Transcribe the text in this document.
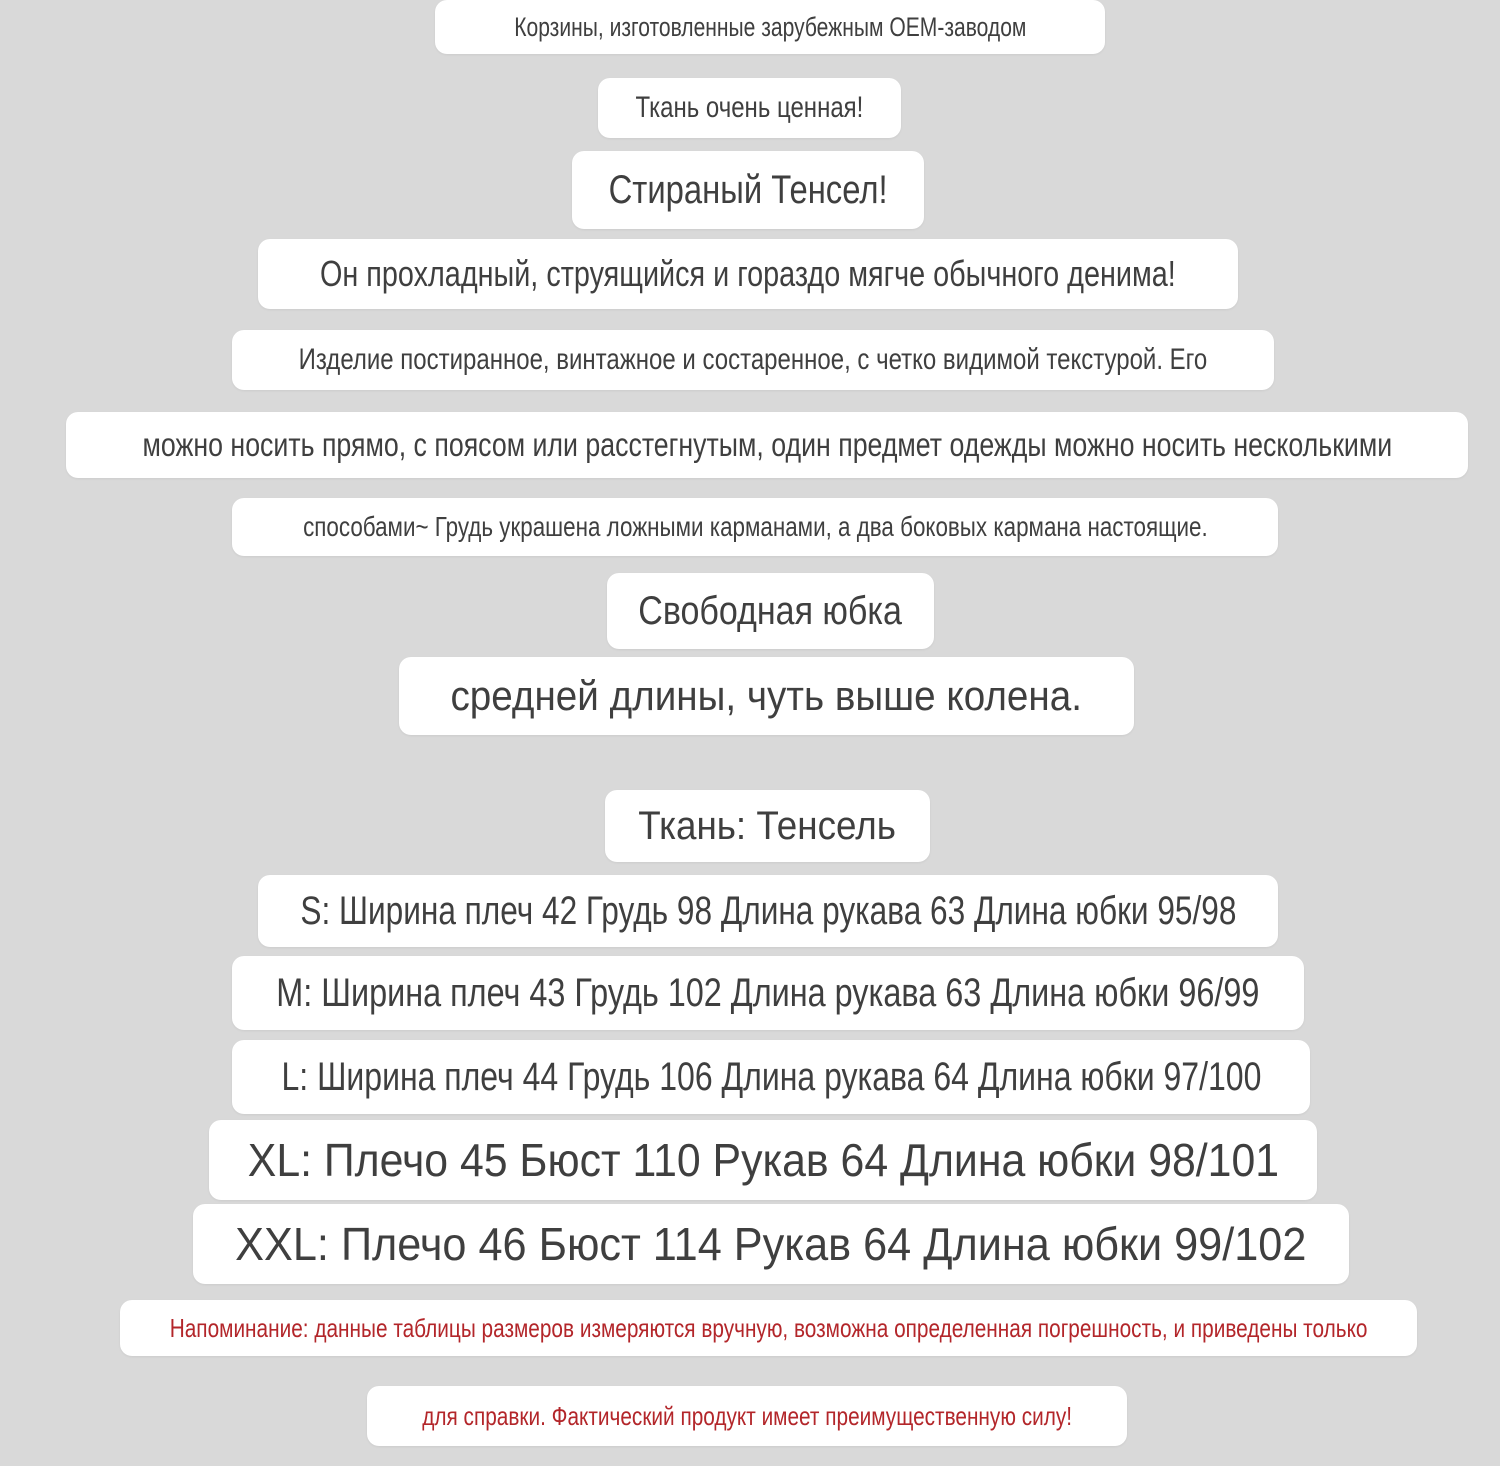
Корзины, изготовленные зарубежным OEM-заводом
Ткань очень ценная!
Стираный Тенсел!
Он прохладный, струящийся и гораздо мягче обычного денима!
Изделие постиранное, винтажное и состаренное, с четко видимой текстурой. Его
можно носить прямо, с поясом или расстегнутым, один предмет одежды можно носить несколькими
способами~ Грудь украшена ложными карманами, а два боковых кармана настоящие.
Свободная юбка
средней длины, чуть выше колена.
Ткань: Тенсель
S: Ширина плеч 42 Грудь 98 Длина рукава 63 Длина юбки 95/98
M: Ширина плеч 43 Грудь 102 Длина рукава 63 Длина юбки 96/99
L: Ширина плеч 44 Грудь 106 Длина рукава 64 Длина юбки 97/100
XL: Плечо 45 Бюст 110 Рукав 64 Длина юбки 98/101
XXL: Плечо 46 Бюст 114 Рукав 64 Длина юбки 99/102
Напоминание: данные таблицы размеров измеряются вручную, возможна определенная погрешность, и приведены только
для справки. Фактический продукт имеет преимущественную силу!
